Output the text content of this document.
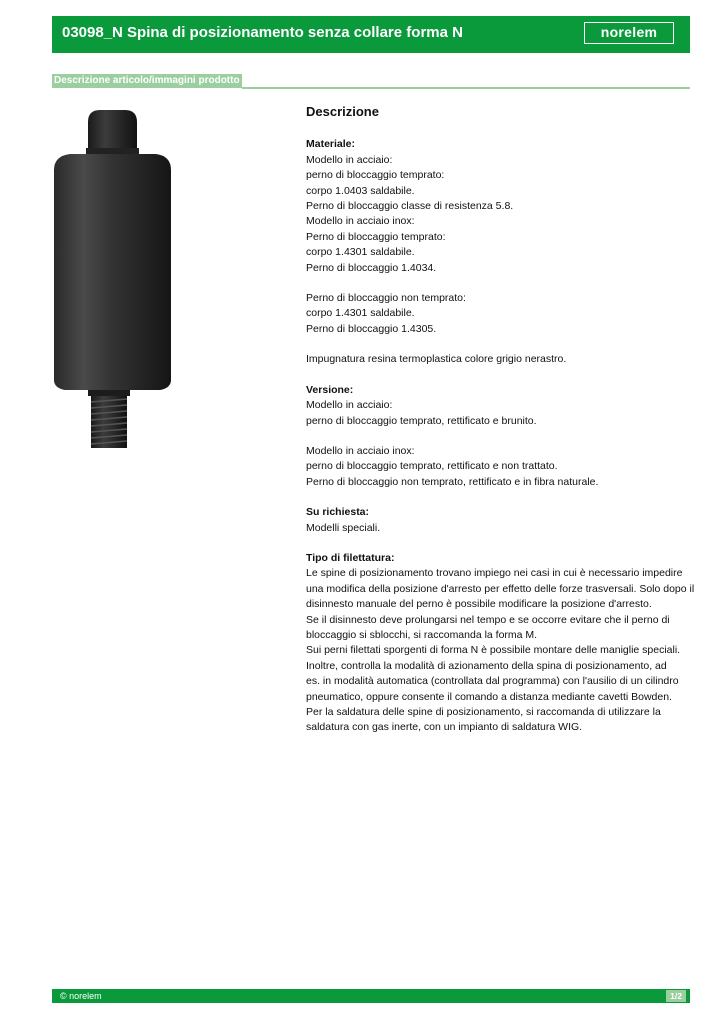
03098_N Spina di posizionamento senza collare forma N	norelem
Descrizione articolo/immagini prodotto
Descrizione
Materiale:
Modello in acciaio:
perno di bloccaggio temprato:
corpo 1.0403 saldabile.
Perno di bloccaggio classe di resistenza 5.8.
Modello in acciaio inox:
Perno di bloccaggio temprato:
corpo 1.4301 saldabile.
Perno di bloccaggio 1.4034.
Perno di bloccaggio non temprato:
corpo 1.4301 saldabile.
Perno di bloccaggio 1.4305.
Impugnatura resina termoplastica colore grigio nerastro.
Versione:
Modello in acciaio:
perno di bloccaggio temprato, rettificato e brunito.
Modello in acciaio inox:
perno di bloccaggio temprato, rettificato e non trattato.
Perno di bloccaggio non temprato, rettificato e in fibra naturale.
Su richiesta:
Modelli speciali.
Tipo di filettatura:
Le spine di posizionamento trovano impiego nei casi in cui è necessario impedire
una modifica della posizione d'arresto per effetto delle forze trasversali. Solo dopo il
disinnesto manuale del perno è possibile modificare la posizione d'arresto.
Se il disinnesto deve prolungarsi nel tempo e se occorre evitare che il perno di
bloccaggio si sblocchi, si raccomanda la forma M.
Sui perni filettati sporgenti di forma N è possibile montare delle maniglie speciali.
Inoltre, controlla la modalità di azionamento della spina di posizionamento, ad
es. in modalità automatica (controllata dal programma) con l'ausilio di un cilindro
pneumatico, oppure consente il comando a distanza mediante cavetti Bowden.
Per la saldatura delle spine di posizionamento, si raccomanda di utilizzare la
saldatura con gas inerte, con un impianto di saldatura WIG.
© norelem	1/2
